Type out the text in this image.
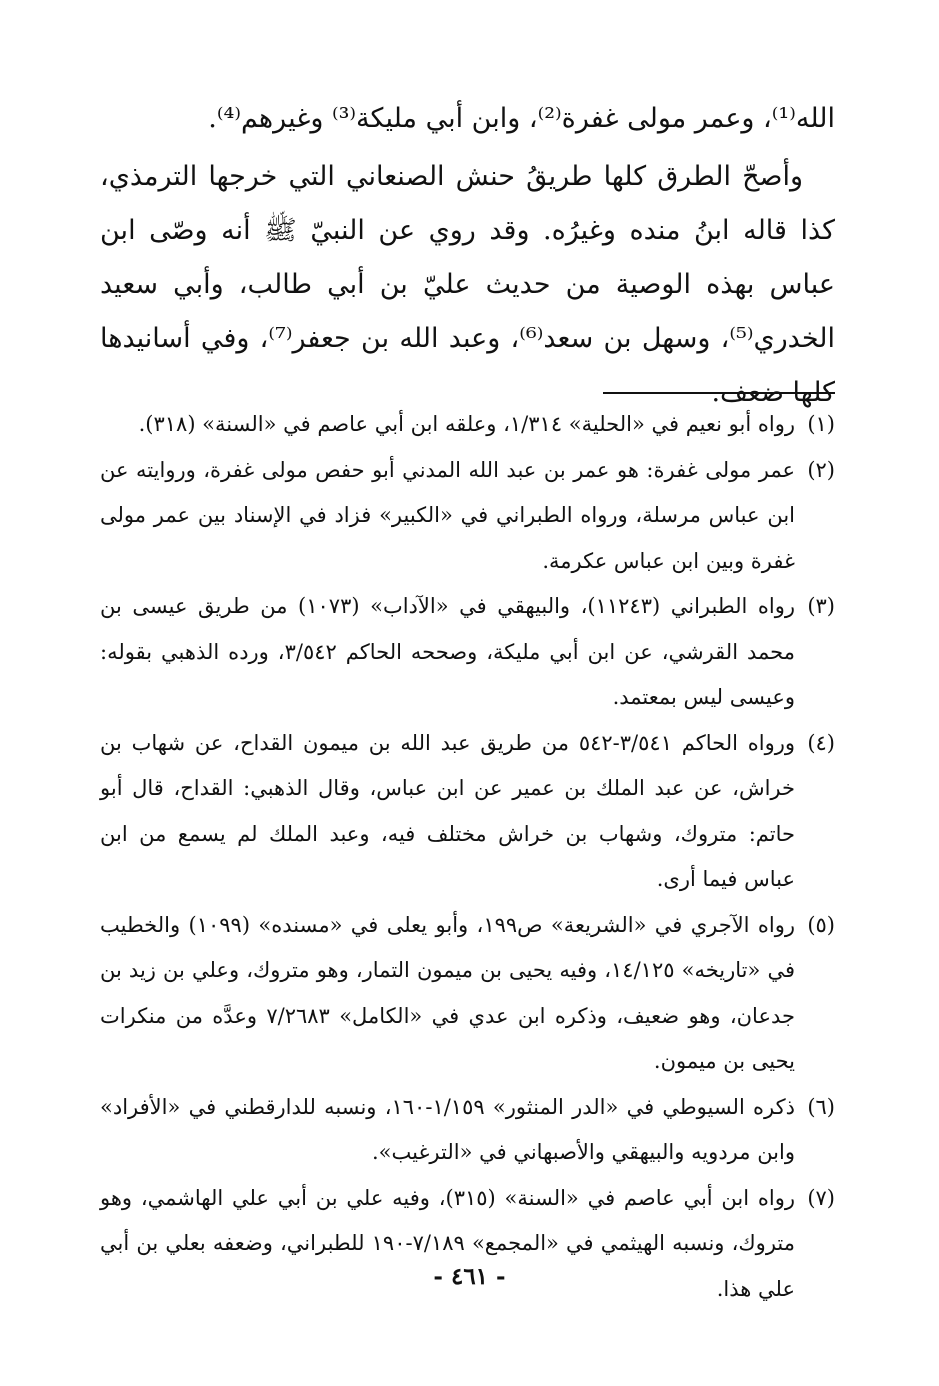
الله⁽¹⁾، وعمر مولى غفرة⁽²⁾، وابن أبي مليكة⁽³⁾ وغيرهم⁽⁴⁾.

وأصحّ الطرق كلها طريقُ حنش الصنعاني التي خرجها الترمذي، كذا قاله ابنُ منده وغيرُه. وقد روي عن النبيّ ﷺ أنه وصّى ابن عباس بهذه الوصية من حديث عليّ بن أبي طالب، وأبي سعيد الخدري⁽⁵⁾، وسهل بن سعد⁽⁶⁾، وعبد الله بن جعفر⁽⁷⁾، وفي أسانيدها كلها ضعف.

(١)
رواه أبو نعيم في «الحلية» ١/٣١٤، وعلقه ابن أبي عاصم في «السنة» (٣١٨).
(٢)
عمر مولى غفرة: هو عمر بن عبد الله المدني أبو حفص مولى غفرة، وروايته عن ابن عباس مرسلة، ورواه الطبراني في «الكبير» فزاد في الإسناد بين عمر مولى غفرة وبين ابن عباس عكرمة.
(٣)
رواه الطبراني (١١٢٤٣)، والبيهقي في «الآداب» (١٠٧٣) من طريق عيسى بن محمد القرشي، عن ابن أبي مليكة، وصححه الحاكم ٣/٥٤٢، ورده الذهبي بقوله: وعيسى ليس بمعتمد.
(٤)
ورواه الحاكم ٣/٥٤١-٥٤٢ من طريق عبد الله بن ميمون القداح، عن شهاب بن خراش، عن عبد الملك بن عمير عن ابن عباس، وقال الذهبي: القداح، قال أبو حاتم: متروك، وشهاب بن خراش مختلف فيه، وعبد الملك لم يسمع من ابن عباس فيما أرى.
(٥)
رواه الآجري في «الشريعة» ص١٩٩، وأبو يعلى في «مسنده» (١٠٩٩) والخطيب في «تاريخه» ١٤/١٢٥، وفيه يحيى بن ميمون التمار، وهو متروك، وعلي بن زيد بن جدعان، وهو ضعيف، وذكره ابن عدي في «الكامل» ٧/٢٦٨٣ وعدَّه من منكرات يحيى بن ميمون.
(٦)
ذكره السيوطي في «الدر المنثور» ١/١٥٩-١٦٠، ونسبه للدارقطني في «الأفراد» وابن مردويه والبيهقي والأصبهاني في «الترغيب».
(٧)
رواه ابن أبي عاصم في «السنة» (٣١٥)، وفيه علي بن أبي علي الهاشمي، وهو متروك، ونسبه الهيثمي في «المجمع» ٧/١٨٩-١٩٠ للطبراني، وضعفه بعلي بن أبي علي هذا.
- ٤٦١ -
